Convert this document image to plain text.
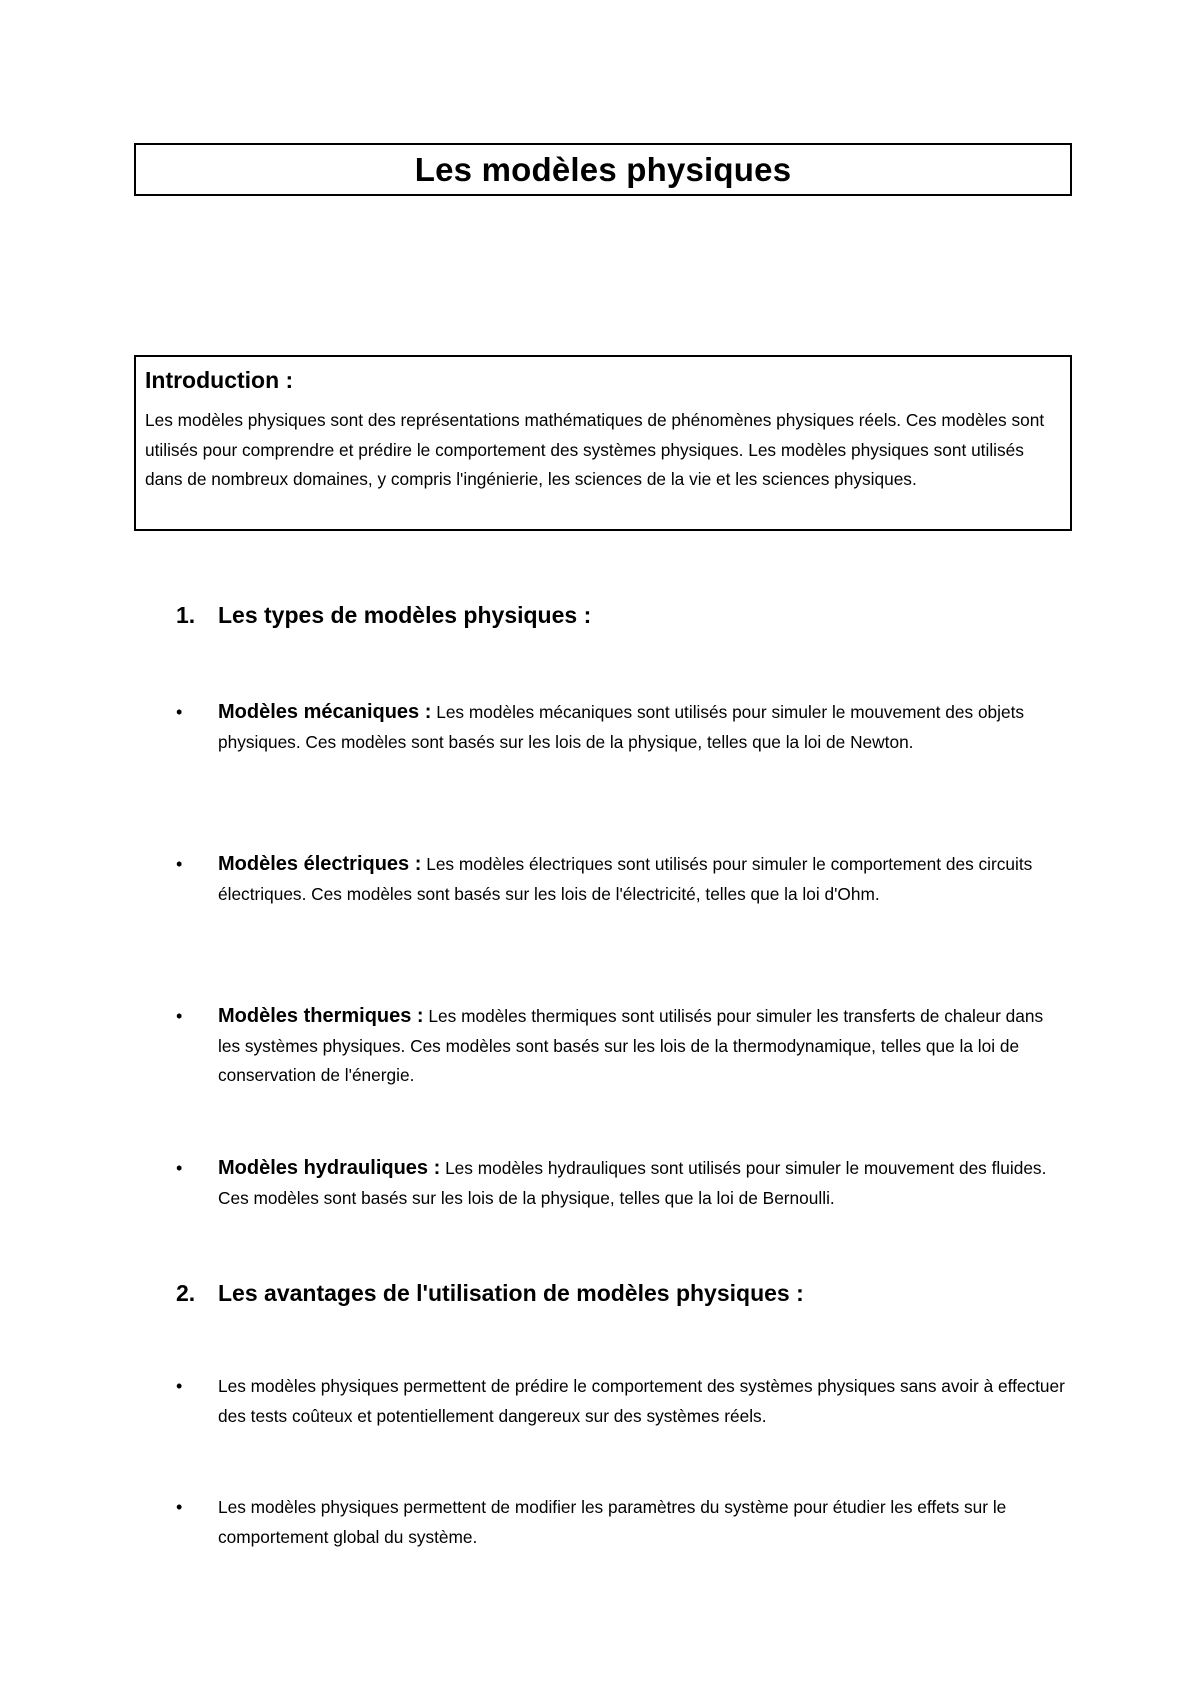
Les modèles physiques

Introduction :

Les modèles physiques sont des représentations mathématiques de phénomènes physiques réels. Ces modèles sont utilisés pour comprendre et prédire le comportement des systèmes physiques. Les modèles physiques sont utilisés dans de nombreux domaines, y compris l'ingénierie, les sciences de la vie et les sciences physiques.

1. Les types de modèles physiques :
•	Modèles mécaniques : Les modèles mécaniques sont utilisés pour simuler le mouvement des objets physiques. Ces modèles sont basés sur les lois de la physique, telles que la loi de Newton.
•	Modèles électriques : Les modèles électriques sont utilisés pour simuler le comportement des circuits électriques. Ces modèles sont basés sur les lois de l'électricité, telles que la loi d'Ohm.
•	Modèles thermiques : Les modèles thermiques sont utilisés pour simuler les transferts de chaleur dans les systèmes physiques. Ces modèles sont basés sur les lois de la thermodynamique, telles que la loi de conservation de l'énergie.
•	Modèles hydrauliques : Les modèles hydrauliques sont utilisés pour simuler le mouvement des fluides. Ces modèles sont basés sur les lois de la physique, telles que la loi de Bernoulli.
2. Les avantages de l'utilisation de modèles physiques :
•	Les modèles physiques permettent de prédire le comportement des systèmes physiques sans avoir à effectuer des tests coûteux et potentiellement dangereux sur des systèmes réels.
•	Les modèles physiques permettent de modifier les paramètres du système pour étudier les effets sur le comportement global du système.
